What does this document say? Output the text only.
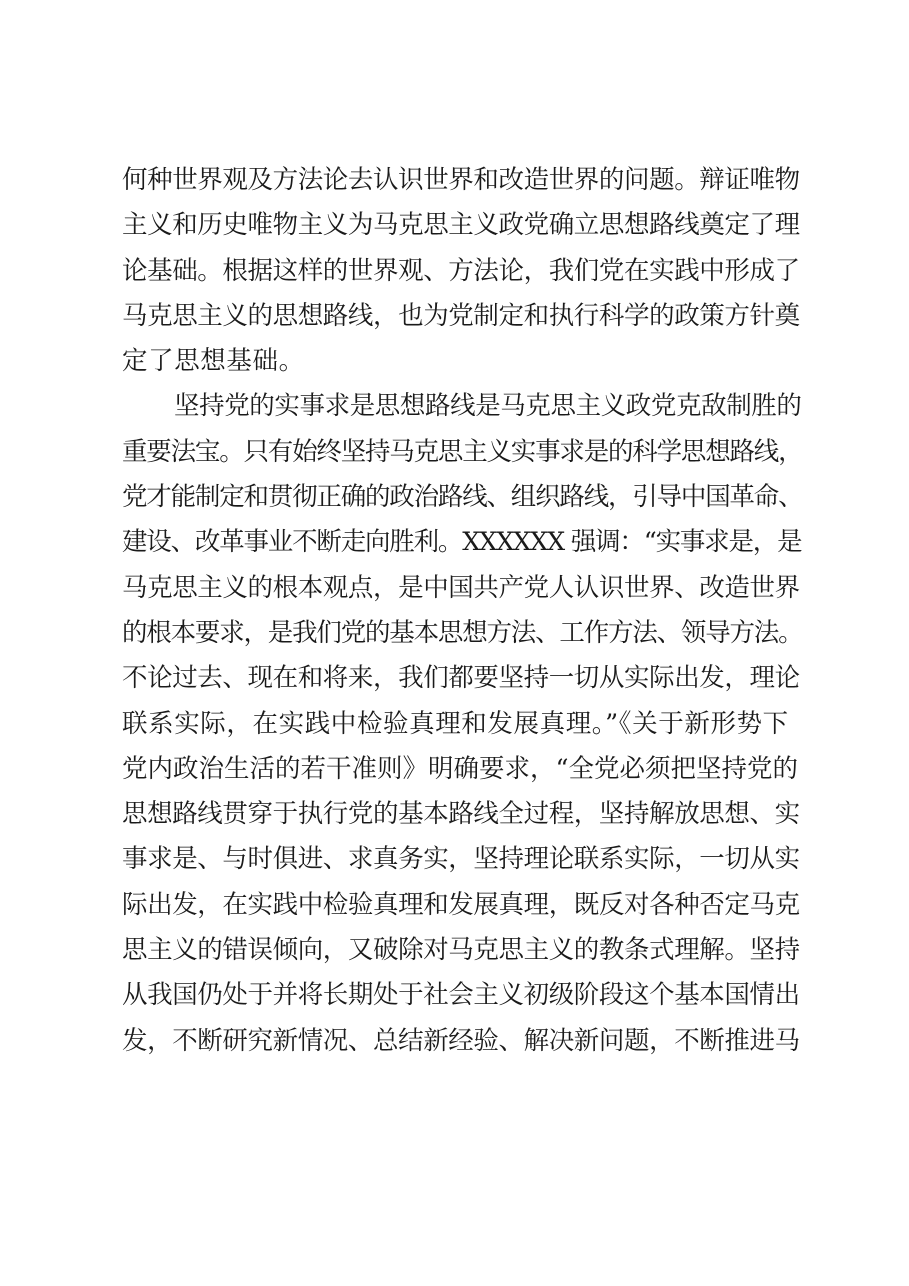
何种世界观及方法论去认识世界和改造世界的问题。辩证唯物
主义和历史唯物主义为马克思主义政党确立思想路线奠定了理
论基础。根据这样的世界观、方法论，我们党在实践中形成了
马克思主义的思想路线，也为党制定和执行科学的政策方针奠
定了思想基础。
坚持党的实事求是思想路线是马克思主义政党克敌制胜的
重要法宝。只有始终坚持马克思主义实事求是的科学思想路线，
党才能制定和贯彻正确的政治路线、组织路线，引导中国革命、
建设、改革事业不断走向胜利。XXXXXX 强调：“实事求是，是
马克思主义的根本观点，是中国共产党人认识世界、改造世界
的根本要求，是我们党的基本思想方法、工作方法、领导方法。
不论过去、现在和将来，我们都要坚持一切从实际出发，理论
联系实际，在实践中检验真理和发展真理。”《关于新形势下
党内政治生活的若干准则》明确要求，“全党必须把坚持党的
思想路线贯穿于执行党的基本路线全过程，坚持解放思想、实
事求是、与时俱进、求真务实，坚持理论联系实际，一切从实
际出发，在实践中检验真理和发展真理，既反对各种否定马克
思主义的错误倾向，又破除对马克思主义的教条式理解。坚持
从我国仍处于并将长期处于社会主义初级阶段这个基本国情出
发，不断研究新情况、总结新经验、解决新问题，不断推进马
